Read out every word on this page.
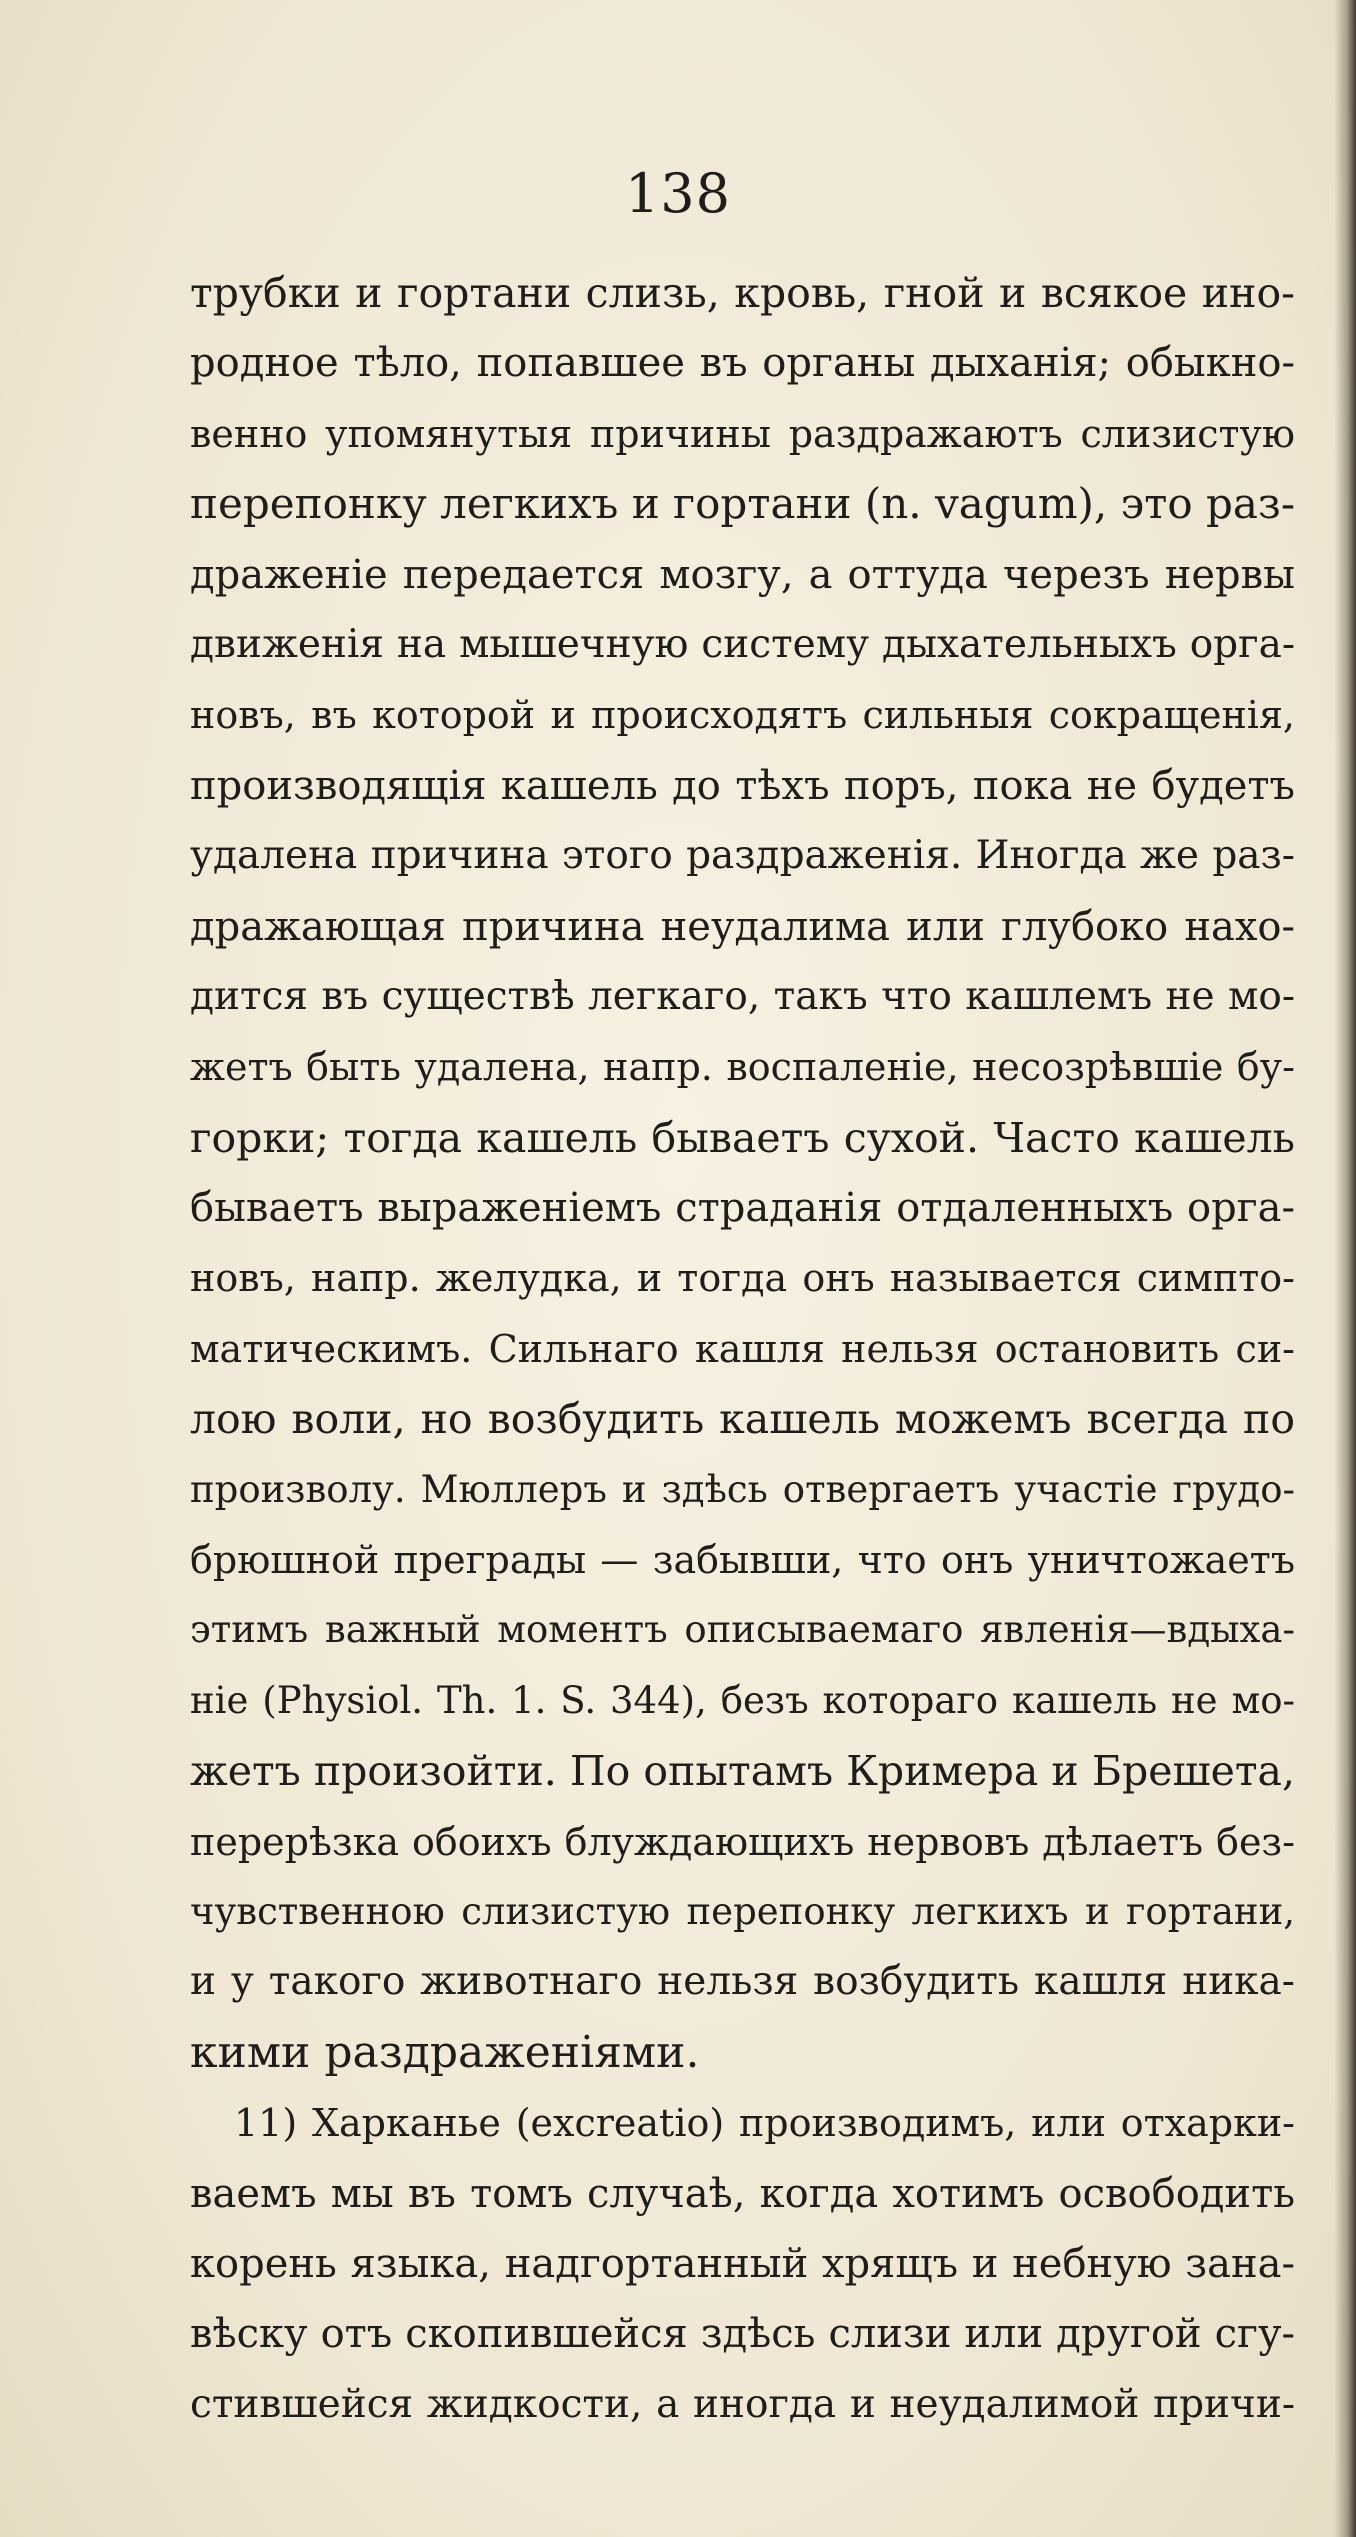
138
трубки и гортани слизь, кровь, гной и всякое ино-
родное тѣло, попавшее въ органы дыханія; обыкно-
венно упомянутыя причины раздражаютъ слизистую
перепонку легкихъ и гортани (n. vagum), это раз-
драженіе передается мозгу, а оттуда черезъ нервы
движенія на мышечную систему дыхательныхъ орга-
новъ, въ которой и происходятъ сильныя сокращенія,
производящія кашель до тѣхъ поръ, пока не будетъ
удалена причина этого раздраженія. Иногда же раз-
дражающая причина неудалима или глубоко нахо-
дится въ существѣ легкаго, такъ что кашлемъ не мо-
жетъ быть удалена, напр. воспаленіе, несозрѣвшіе бу-
горки; тогда кашель бываетъ сухой. Часто кашель
бываетъ выраженіемъ страданія отдаленныхъ орга-
новъ, напр. желудка, и тогда онъ называется симпто-
матическимъ. Сильнаго кашля нельзя остановить си-
лою воли, но возбудить кашель можемъ всегда по
произволу. Мюллеръ и здѣсь отвергаетъ участіе грудо-
брюшной преграды — забывши, что онъ уничтожаетъ
этимъ важный моментъ описываемаго явленія—вдыха-
ніе (Physiol. Th. 1. S. 344), безъ котораго кашель не мо-
жетъ произойти. По опытамъ Кримера и Брешета,
перерѣзка обоихъ блуждающихъ нервовъ дѣлаетъ без-
чувственною слизистую перепонку легкихъ и гортани,
и у такого животнаго нельзя возбудить кашля ника-
кими раздраженіями.
11) Харканье (excreatio) производимъ, или отхарки-
ваемъ мы въ томъ случаѣ, когда хотимъ освободить
корень языка, надгортанный хрящъ и небную зана-
вѣску отъ скопившейся здѣсь слизи или другой сгу-
стившейся жидкости, а иногда и неудалимой причи-
